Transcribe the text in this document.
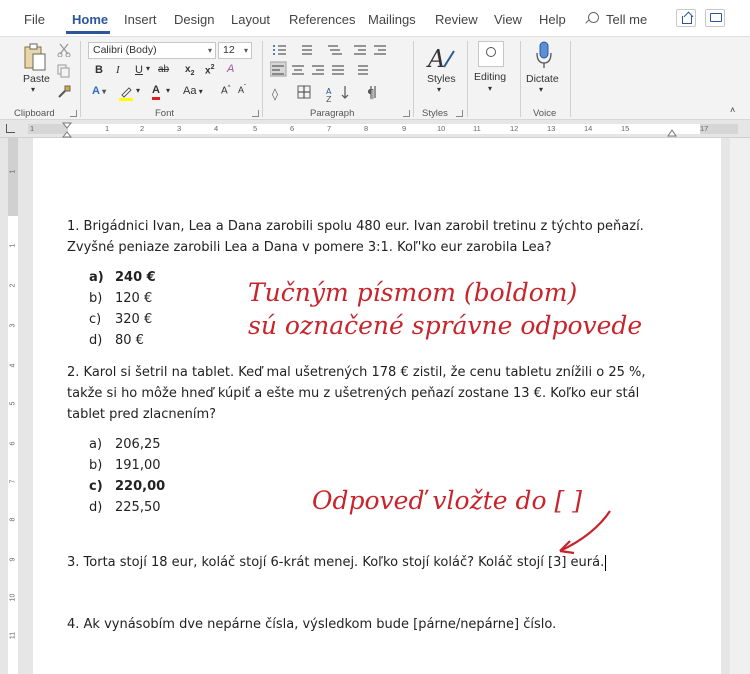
File Home Insert Design Layout References Mailings Review View Help	Tell me
Paste
▾
Clipboard
Calibri (Body)	▾	12 ▾
B I U ▾ ab $x_2$ $x^2$ A
A ▾	▾ A ▾ Aa ▾ A^ $A^ˇ$
Font
◊	A
Z	¶
Paragraph
A
Styles
▾
Styles
Editing
▾
Dictate
▾
Voice	˄
1	1	2	3	4	5	6	7	8	9	10	11	12	13	14	15	17
1
1
2
3
4
5
6
7
8
9
10
11
1. Brigádnici Ivan, Lea a Dana zarobili spolu 480 eur. Ivan zarobil tretinu z týchto peňazí. Zvyšné peniaze zarobili Lea a Dana v pomere 3:1. Koľ'ko eur zarobila Lea?
a) 240 €
b) 120 €
c) 320 €
d) 80 €
2. Karol si šetril na tablet. Keď mal ušetrených 178 € zistil, že cenu tabletu znížili o 25 %, takže si ho môže hneď kúpiť a ešte mu z ušetrených peňazí zostane 13 €. Koľko eur stál tablet pred zlacnením?
a) 206,25
b) 191,00
c) 220,00
d) 225,50
3. Torta stojí 18 eur, koláč stojí 6-krát menej. Koľko stojí koláč? Koláč stojí [3] eurá.
4. Ak vynásobím dve nepárne čísla, výsledkom bude [párne/nepárne] číslo.
Tučným písmom (boldom)
sú označené správne odpovede
Odpoveď vložte do [ ]
